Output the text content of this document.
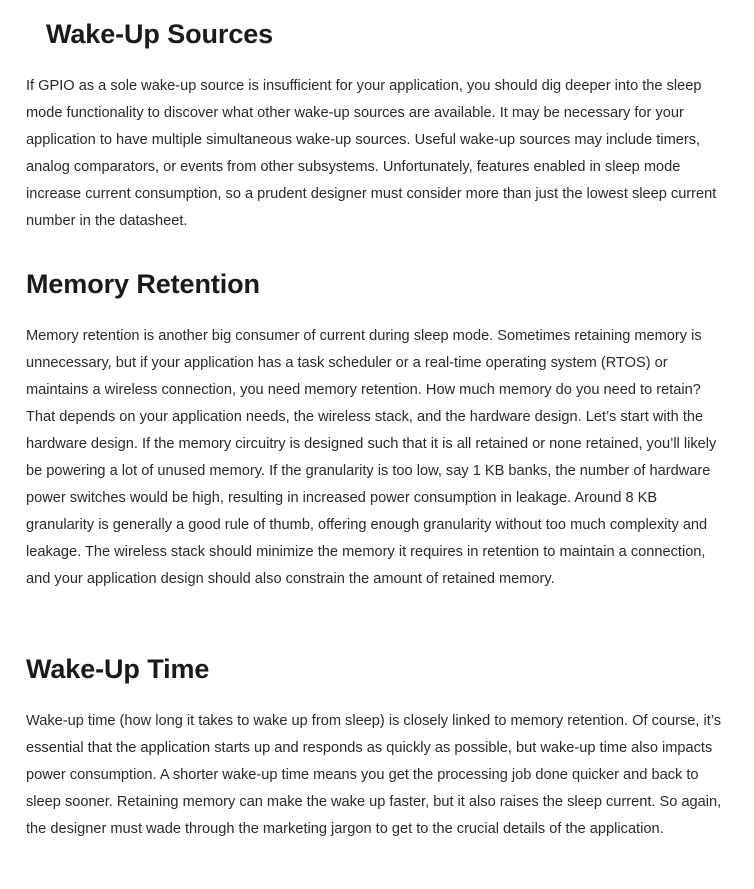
Wake-Up Sources

If GPIO as a sole wake-up source is insufficient for your application, you should dig deeper into the sleep mode functionality to discover what other wake-up sources are available. It may be necessary for your application to have multiple simultaneous wake-up sources. Useful wake-up sources may include timers, analog comparators, or events from other subsystems. Unfortunately, features enabled in sleep mode increase current consumption, so a prudent designer must consider more than just the lowest sleep current number in the datasheet.

Memory Retention

Memory retention is another big consumer of current during sleep mode. Sometimes retaining memory is unnecessary, but if your application has a task scheduler or a real-time operating system (RTOS) or maintains a wireless connection, you need memory retention. How much memory do you need to retain? That depends on your application needs, the wireless stack, and the hardware design. Let’s start with the hardware design. If the memory circuitry is designed such that it is all retained or none retained, you’ll likely be powering a lot of unused memory. If the granularity is too low, say 1 KB banks, the number of hardware power switches would be high, resulting in increased power consumption in leakage. Around 8 KB granularity is generally a good rule of thumb, offering enough granularity without too much complexity and leakage. The wireless stack should minimize the memory it requires in retention to maintain a connection, and your application design should also constrain the amount of retained memory.

Wake-Up Time

Wake-up time (how long it takes to wake up from sleep) is closely linked to memory retention. Of course, it’s essential that the application starts up and responds as quickly as possible, but wake-up time also impacts power consumption. A shorter wake-up time means you get the processing job done quicker and back to sleep sooner. Retaining memory can make the wake up faster, but it also raises the sleep current. So again, the designer must wade through the marketing jargon to get to the crucial details of the application.
